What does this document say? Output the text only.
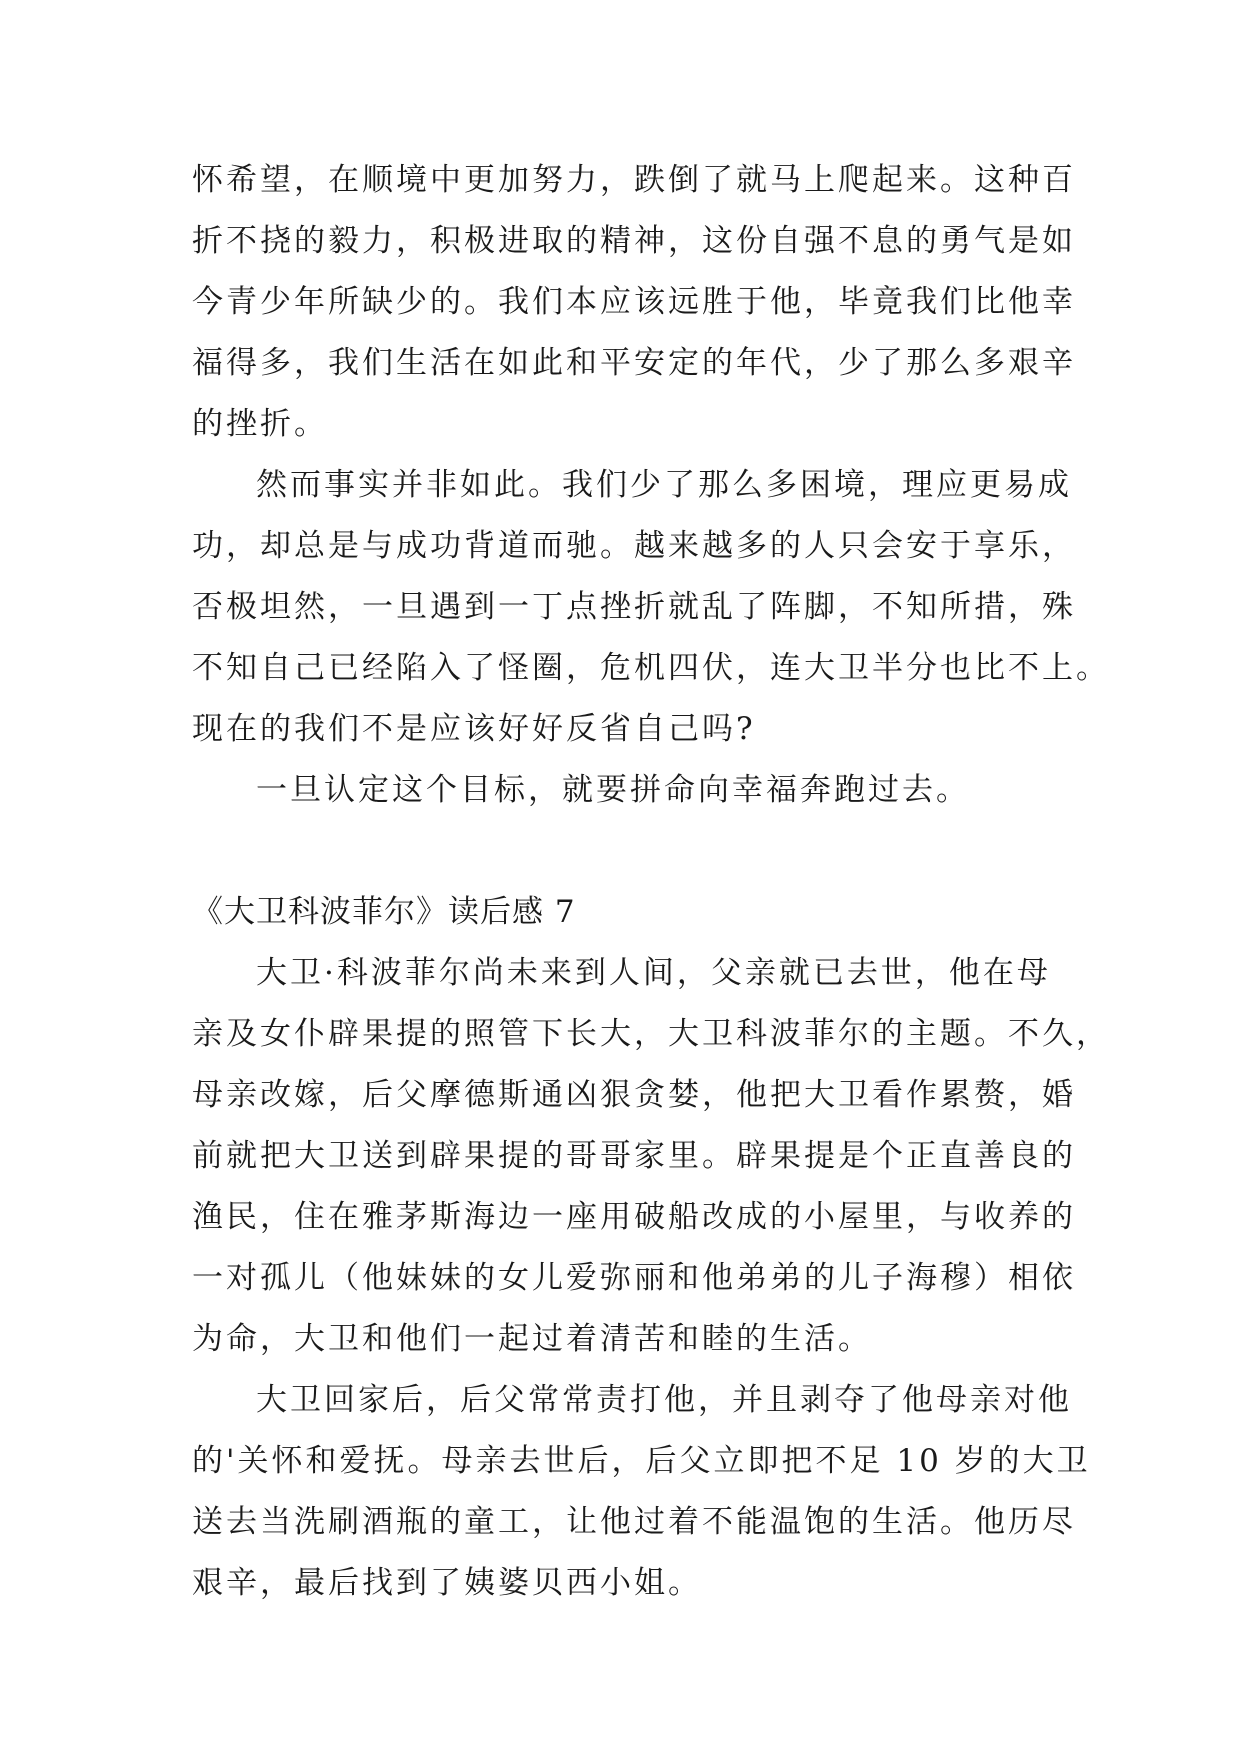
怀希望，在顺境中更加努力，跌倒了就马上爬起来。这种百
折不挠的毅力，积极进取的精神，这份自强不息的勇气是如
今青少年所缺少的。我们本应该远胜于他，毕竟我们比他幸
福得多，我们生活在如此和平安定的年代，少了那么多艰辛
的挫折。
然而事实并非如此。我们少了那么多困境，理应更易成
功，却总是与成功背道而驰。越来越多的人只会安于享乐，
否极坦然，一旦遇到一丁点挫折就乱了阵脚，不知所措，殊
不知自己已经陷入了怪圈，危机四伏，连大卫半分也比不上。
现在的我们不是应该好好反省自己吗?
一旦认定这个目标，就要拼命向幸福奔跑过去。
《大卫科波菲尔》读后感 7
大卫·科波菲尔尚未来到人间，父亲就已去世，他在母
亲及女仆辟果提的照管下长大，大卫科波菲尔的主题。不久，
母亲改嫁，后父摩德斯通凶狠贪婪，他把大卫看作累赘，婚
前就把大卫送到辟果提的哥哥家里。辟果提是个正直善良的
渔民，住在雅茅斯海边一座用破船改成的小屋里，与收养的
一对孤儿（他妹妹的女儿爱弥丽和他弟弟的儿子海穆）相依
为命，大卫和他们一起过着清苦和睦的生活。
大卫回家后，后父常常责打他，并且剥夺了他母亲对他
的'关怀和爱抚。母亲去世后，后父立即把不足 10 岁的大卫
送去当洗刷酒瓶的童工，让他过着不能温饱的生活。他历尽
艰辛，最后找到了姨婆贝西小姐。
